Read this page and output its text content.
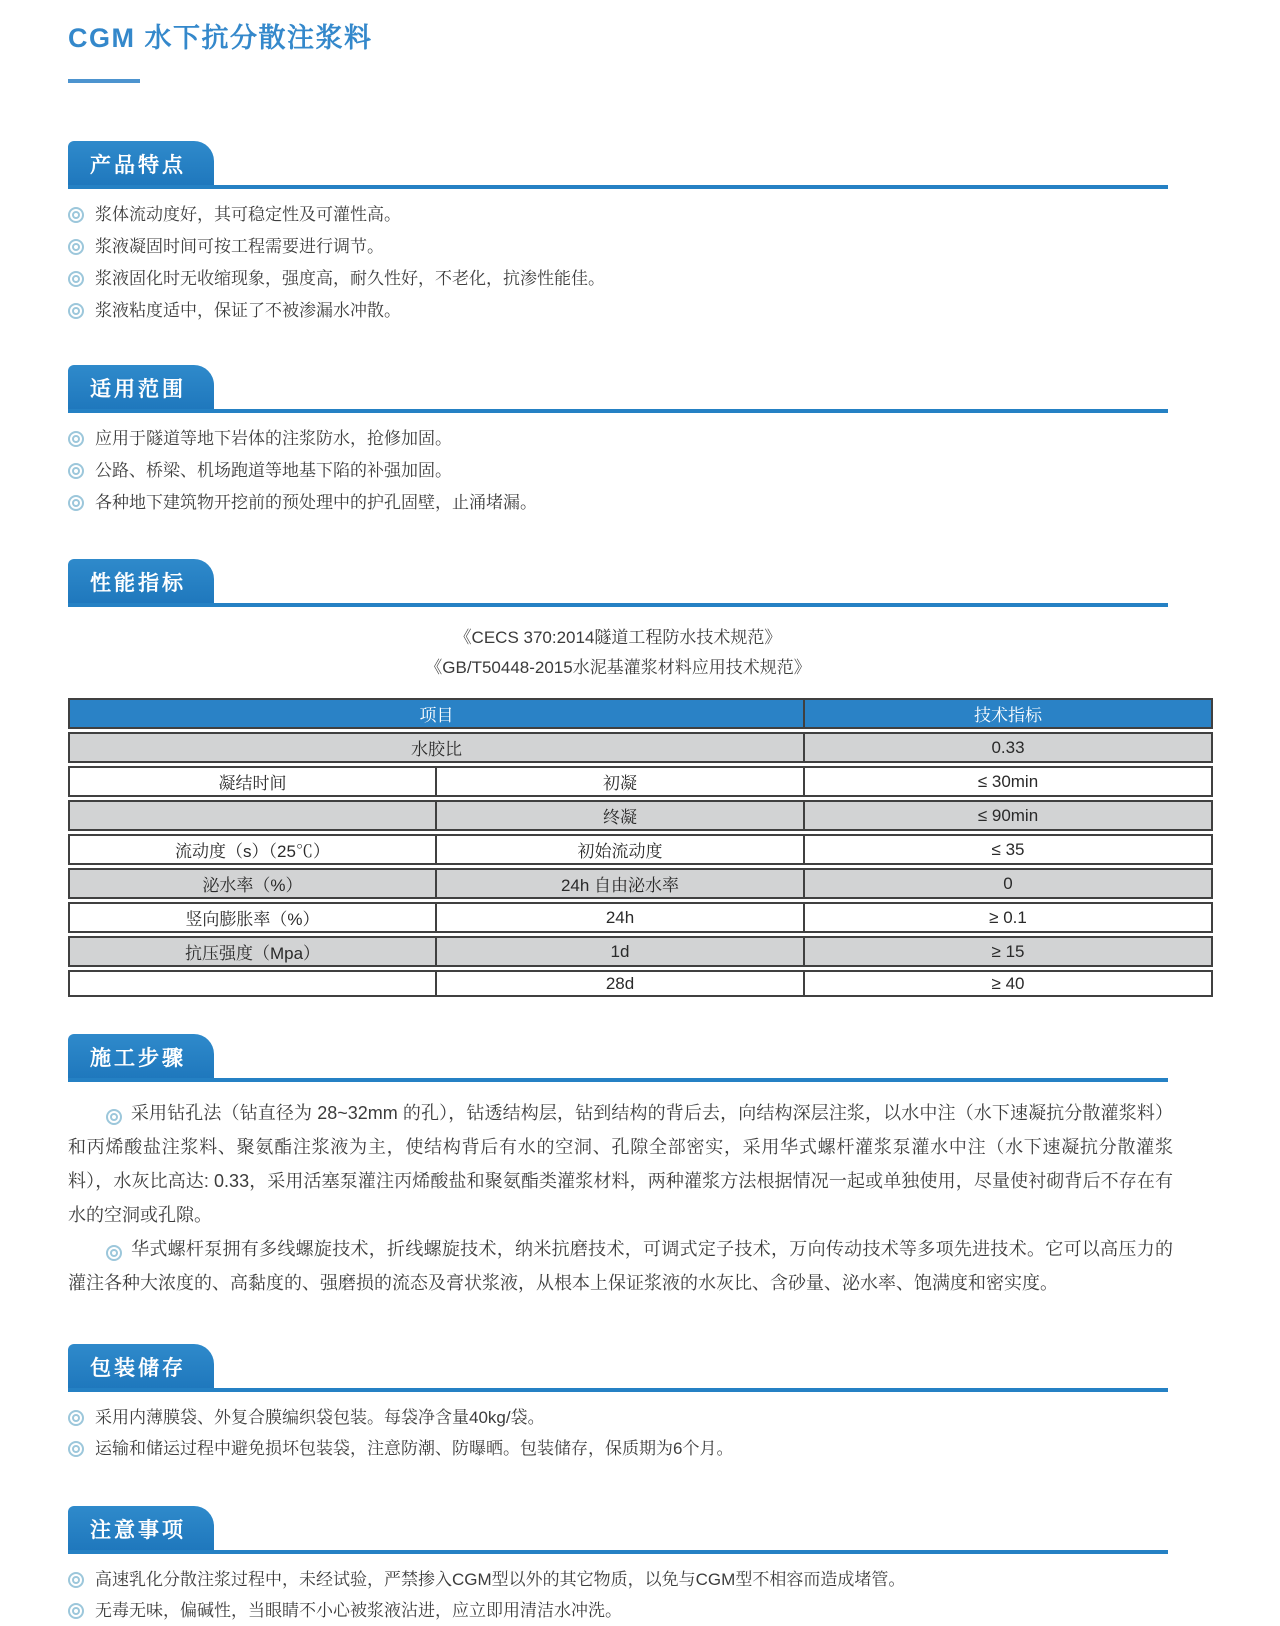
CGM 水下抗分散注浆料
产品特点
浆体流动度好，其可稳定性及可灌性高。
浆液凝固时间可按工程需要进行调节。
浆液固化时无收缩现象，强度高，耐久性好，不老化，抗渗性能佳。
浆液粘度适中，保证了不被渗漏水冲散。
适用范围
应用于隧道等地下岩体的注浆防水，抢修加固。
公路、桥梁、机场跑道等地基下陷的补强加固。
各种地下建筑物开挖前的预处理中的护孔固壁，止涌堵漏。
性能指标
《CECS 370:2014隧道工程防水技术规范》
《GB/T50448-2015水泥基灌浆材料应用技术规范》
项目		技术指标
水胶比		0.33
凝结时间	初凝	≤ 30min
	终凝	≤ 90min
流动度（s）（25℃）	初始流动度	≤ 35
泌水率（%）	24h 自由泌水率	0
竖向膨胀率（%）	24h	≥ 0.1
抗压强度（Mpa）	1d	≥ 15
	28d	≥ 40
施工步骤

采用钻孔法（钻直径为 28~32mm 的孔），钻透结构层，钻到结构的背后去，向结构深层注浆，以水中注（水下速凝抗分散灌浆料）和丙烯酸盐注浆料、聚氨酯注浆液为主，使结构背后有水的空洞、孔隙全部密实，采用华式螺杆灌浆泵灌水中注（水下速凝抗分散灌浆料），水灰比高达: 0.33，采用活塞泵灌注丙烯酸盐和聚氨酯类灌浆材料，两种灌浆方法根据情况一起或单独使用，尽量使衬砌背后不存在有水的空洞或孔隙。

华式螺杆泵拥有多线螺旋技术，折线螺旋技术，纳米抗磨技术，可调式定子技术，万向传动技术等多项先进技术。它可以高压力的灌注各种大浓度的、高黏度的、强磨损的流态及膏状浆液，从根本上保证浆液的水灰比、含砂量、泌水率、饱满度和密实度。

包装储存
采用内薄膜袋、外复合膜编织袋包装。每袋净含量40kg/袋。
运输和储运过程中避免损坏包装袋，注意防潮、防曝晒。包装储存，保质期为6个月。
注意事项
高速乳化分散注浆过程中，未经试验，严禁掺入CGM型以外的其它物质，以免与CGM型不相容而造成堵管。
无毒无味，偏碱性，当眼睛不小心被浆液沾进，应立即用清洁水冲洗。
